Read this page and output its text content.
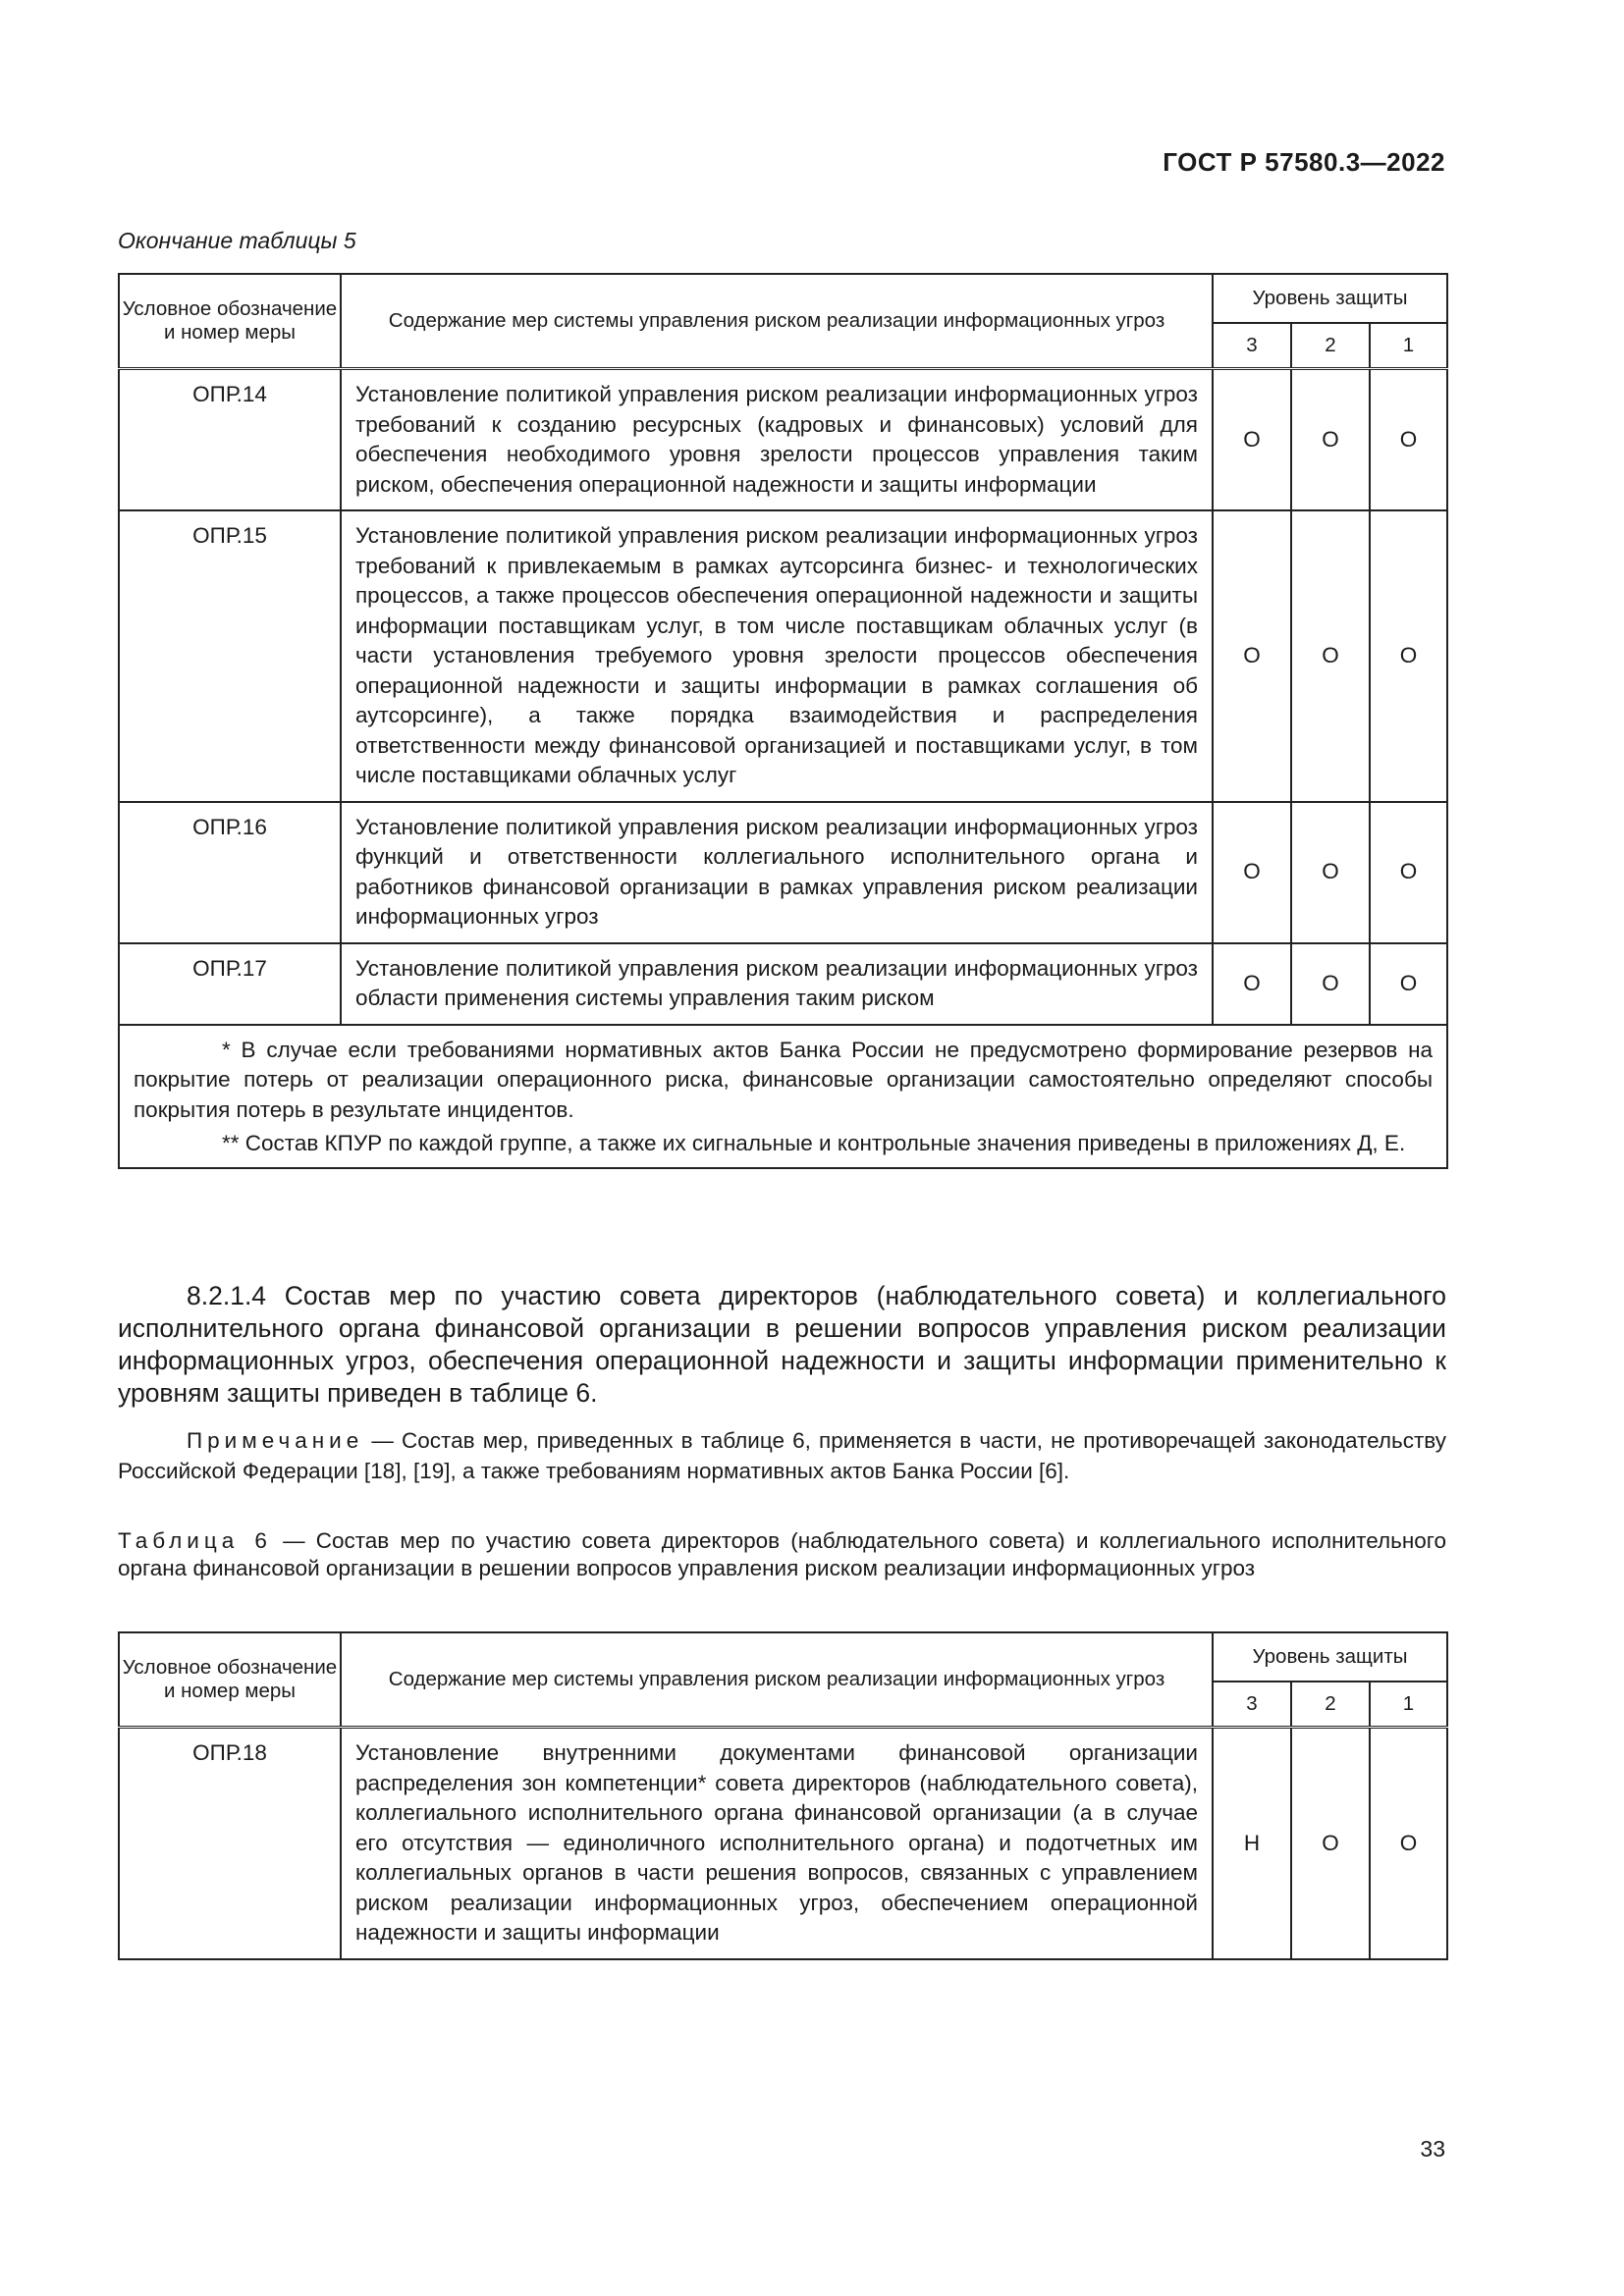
ГОСТ Р 57580.3—2022
Окончание таблицы 5
Условное обозначение и номер меры	Содержание мер системы управления риском реализации информационных угроз	Уровень защиты		
		3	2	1
ОПР.14	Установление политикой управления риском реализации информационных угроз требований к созданию ресурсных (кадровых и финансовых) условий для обеспечения необходимого уровня зрелости процессов управления таким риском, обеспечения операционной надежности и защиты информации	О	О	О
ОПР.15	Установление политикой управления риском реализации информационных угроз требований к привлекаемым в рамках аутсорсинга бизнес- и технологических процессов, а также процессов обеспечения операционной надежности и защиты информации поставщикам услуг, в том числе поставщикам облачных услуг (в части установления требуемого уровня зрелости процессов обеспечения операционной надежности и защиты информации в рамках соглашения об аутсорсинге), а также порядка взаимодействия и распределения ответственности между финансовой организацией и поставщиками услуг, в том числе поставщиками облачных услуг	О	О	О
ОПР.16	Установление политикой управления риском реализации информационных угроз функций и ответственности коллегиального исполнительного органа и работников финансовой организации в рамках управления риском реализации информационных угроз	О	О	О
ОПР.17	Установление политикой управления риском реализации информационных угроз области применения системы управления таким риском	О	О	О

* В случае если требованиями нормативных актов Банка России не предусмотрено формирование резервов на покрытие потерь от реализации операционного риска, финансовые организации самостоятельно определяют способы покрытия потерь в результате инцидентов.

** Состав КПУР по каждой группе, а также их сигнальные и контрольные значения приведены в приложениях Д, Е.				

8.2.1.4 Состав мер по участию совета директоров (наблюдательного совета) и коллегиального исполнительного органа финансовой организации в решении вопросов управления риском реализации информационных угроз, обеспечения операционной надежности и защиты информации применительно к уровням защиты приведен в таблице 6.
Примечание — Состав мер, приведенных в таблице 6, применяется в части, не противоречащей законодательству Российской Федерации [18], [19], а также требованиям нормативных актов Банка России [6].
Таблица 6 — Состав мер по участию совета директоров (наблюдательного совета) и коллегиального исполнительного органа финансовой организации в решении вопросов управления риском реализации информационных угроз
Условное обозначение и номер меры	Содержание мер системы управления риском реализации информационных угроз	Уровень защиты		
		3	2	1
ОПР.18	Установление внутренними документами финансовой организации распределения зон компетенции* совета директоров (наблюдательного совета), коллегиального исполнительного органа финансовой организации (а в случае его отсутствия — единоличного исполнительного органа) и подотчетных им коллегиальных органов в части решения вопросов, связанных с управлением риском реализации информационных угроз, обеспечением операционной надежности и защиты информации	Н	О	О
33
